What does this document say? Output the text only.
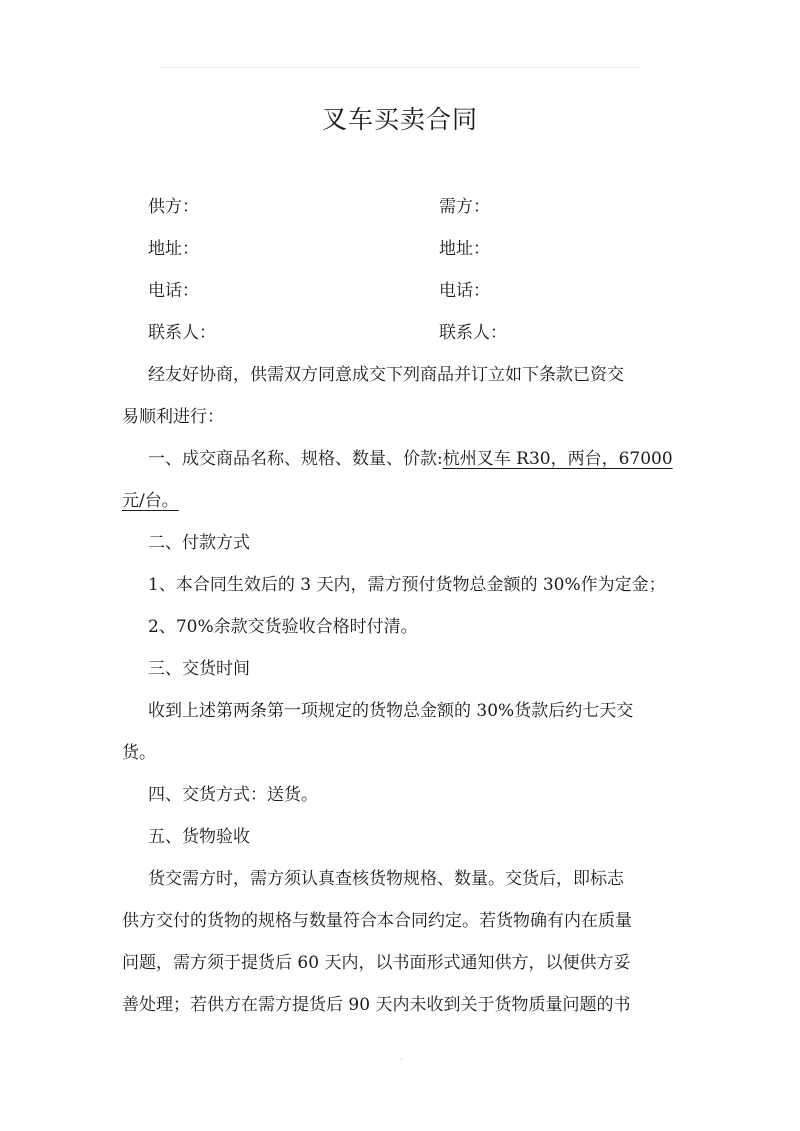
叉车买卖合同
供方：	需方：
地址：	地址：
电话：	电话：
联系人：	联系人：
经友好协商，供需双方同意成交下列商品并订立如下条款已资交
易顺利进行：
一、成交商品名称、规格、数量、价款:杭州叉车 R30，两台，67000
元/台。
二、付款方式
1、本合同生效后的 3 天内，需方预付货物总金额的 30%作为定金；
2、70%余款交货验收合格时付清。
三、交货时间
收到上述第两条第一项规定的货物总金额的 30%货款后约七天交
货。
四、交货方式：送货。
五、货物验收
货交需方时，需方须认真查核货物规格、数量。交货后，即标志
供方交付的货物的规格与数量符合本合同约定。若货物确有内在质量
问题，需方须于提货后 60 天内，以书面形式通知供方，以便供方妥
善处理；若供方在需方提货后 90 天内未收到关于货物质量问题的书
